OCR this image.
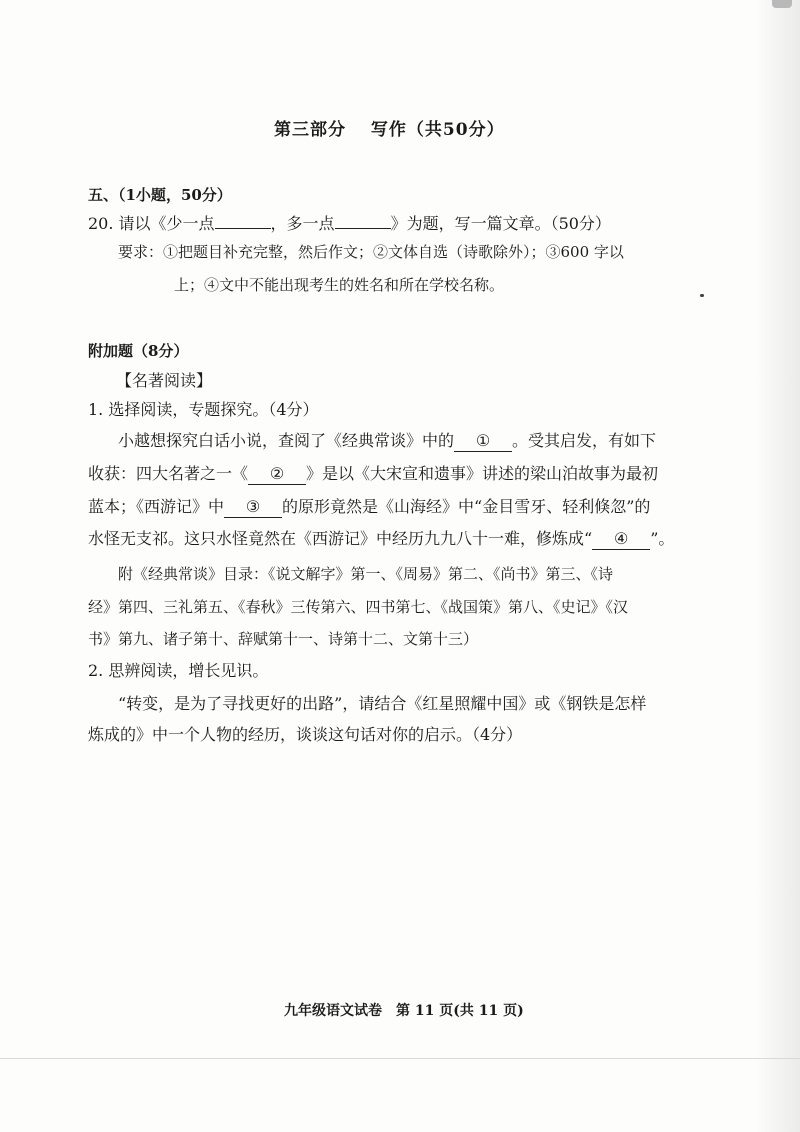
第三部分　 写作（共50分）
五、（1小题，50分）
20. 请以《少一点	，多一点	》为题，写一篇文章。（50分）
要求：①把题目补充完整，然后作文；②文体自选（诗歌除外）；③600 字以
上；④文中不能出现考生的姓名和所在学校名称。
附加题（8分）
【名著阅读】
1. 选择阅读，专题探究。（4分）
小越想探究白话小说，查阅了《经典常谈》中的 ① 。受其启发，有如下
收获：四大名著之一《 ② 》是以《大宋宣和遗事》讲述的梁山泊故事为最初
蓝本；《西游记》中 ③ 的原形竟然是《山海经》中“金目雪牙、轻利倏忽”的
水怪无支祁。这只水怪竟然在《西游记》中经历九九八十一难，修炼成“ ④ ”。
附《经典常谈》目录：《说文解字》第一、《周易》第二、《尚书》第三、《诗
经》第四、三礼第五、《春秋》三传第六、四书第七、《战国策》第八、《史记》《汉
书》第九、诸子第十、辞赋第十一、诗第十二、文第十三）
2. 思辨阅读，增长见识。
“转变，是为了寻找更好的出路”，请结合《红星照耀中国》或《钢铁是怎样
炼成的》中一个人物的经历，谈谈这句话对你的启示。（4分）
九年级语文试卷　第 11 页(共 11 页)
